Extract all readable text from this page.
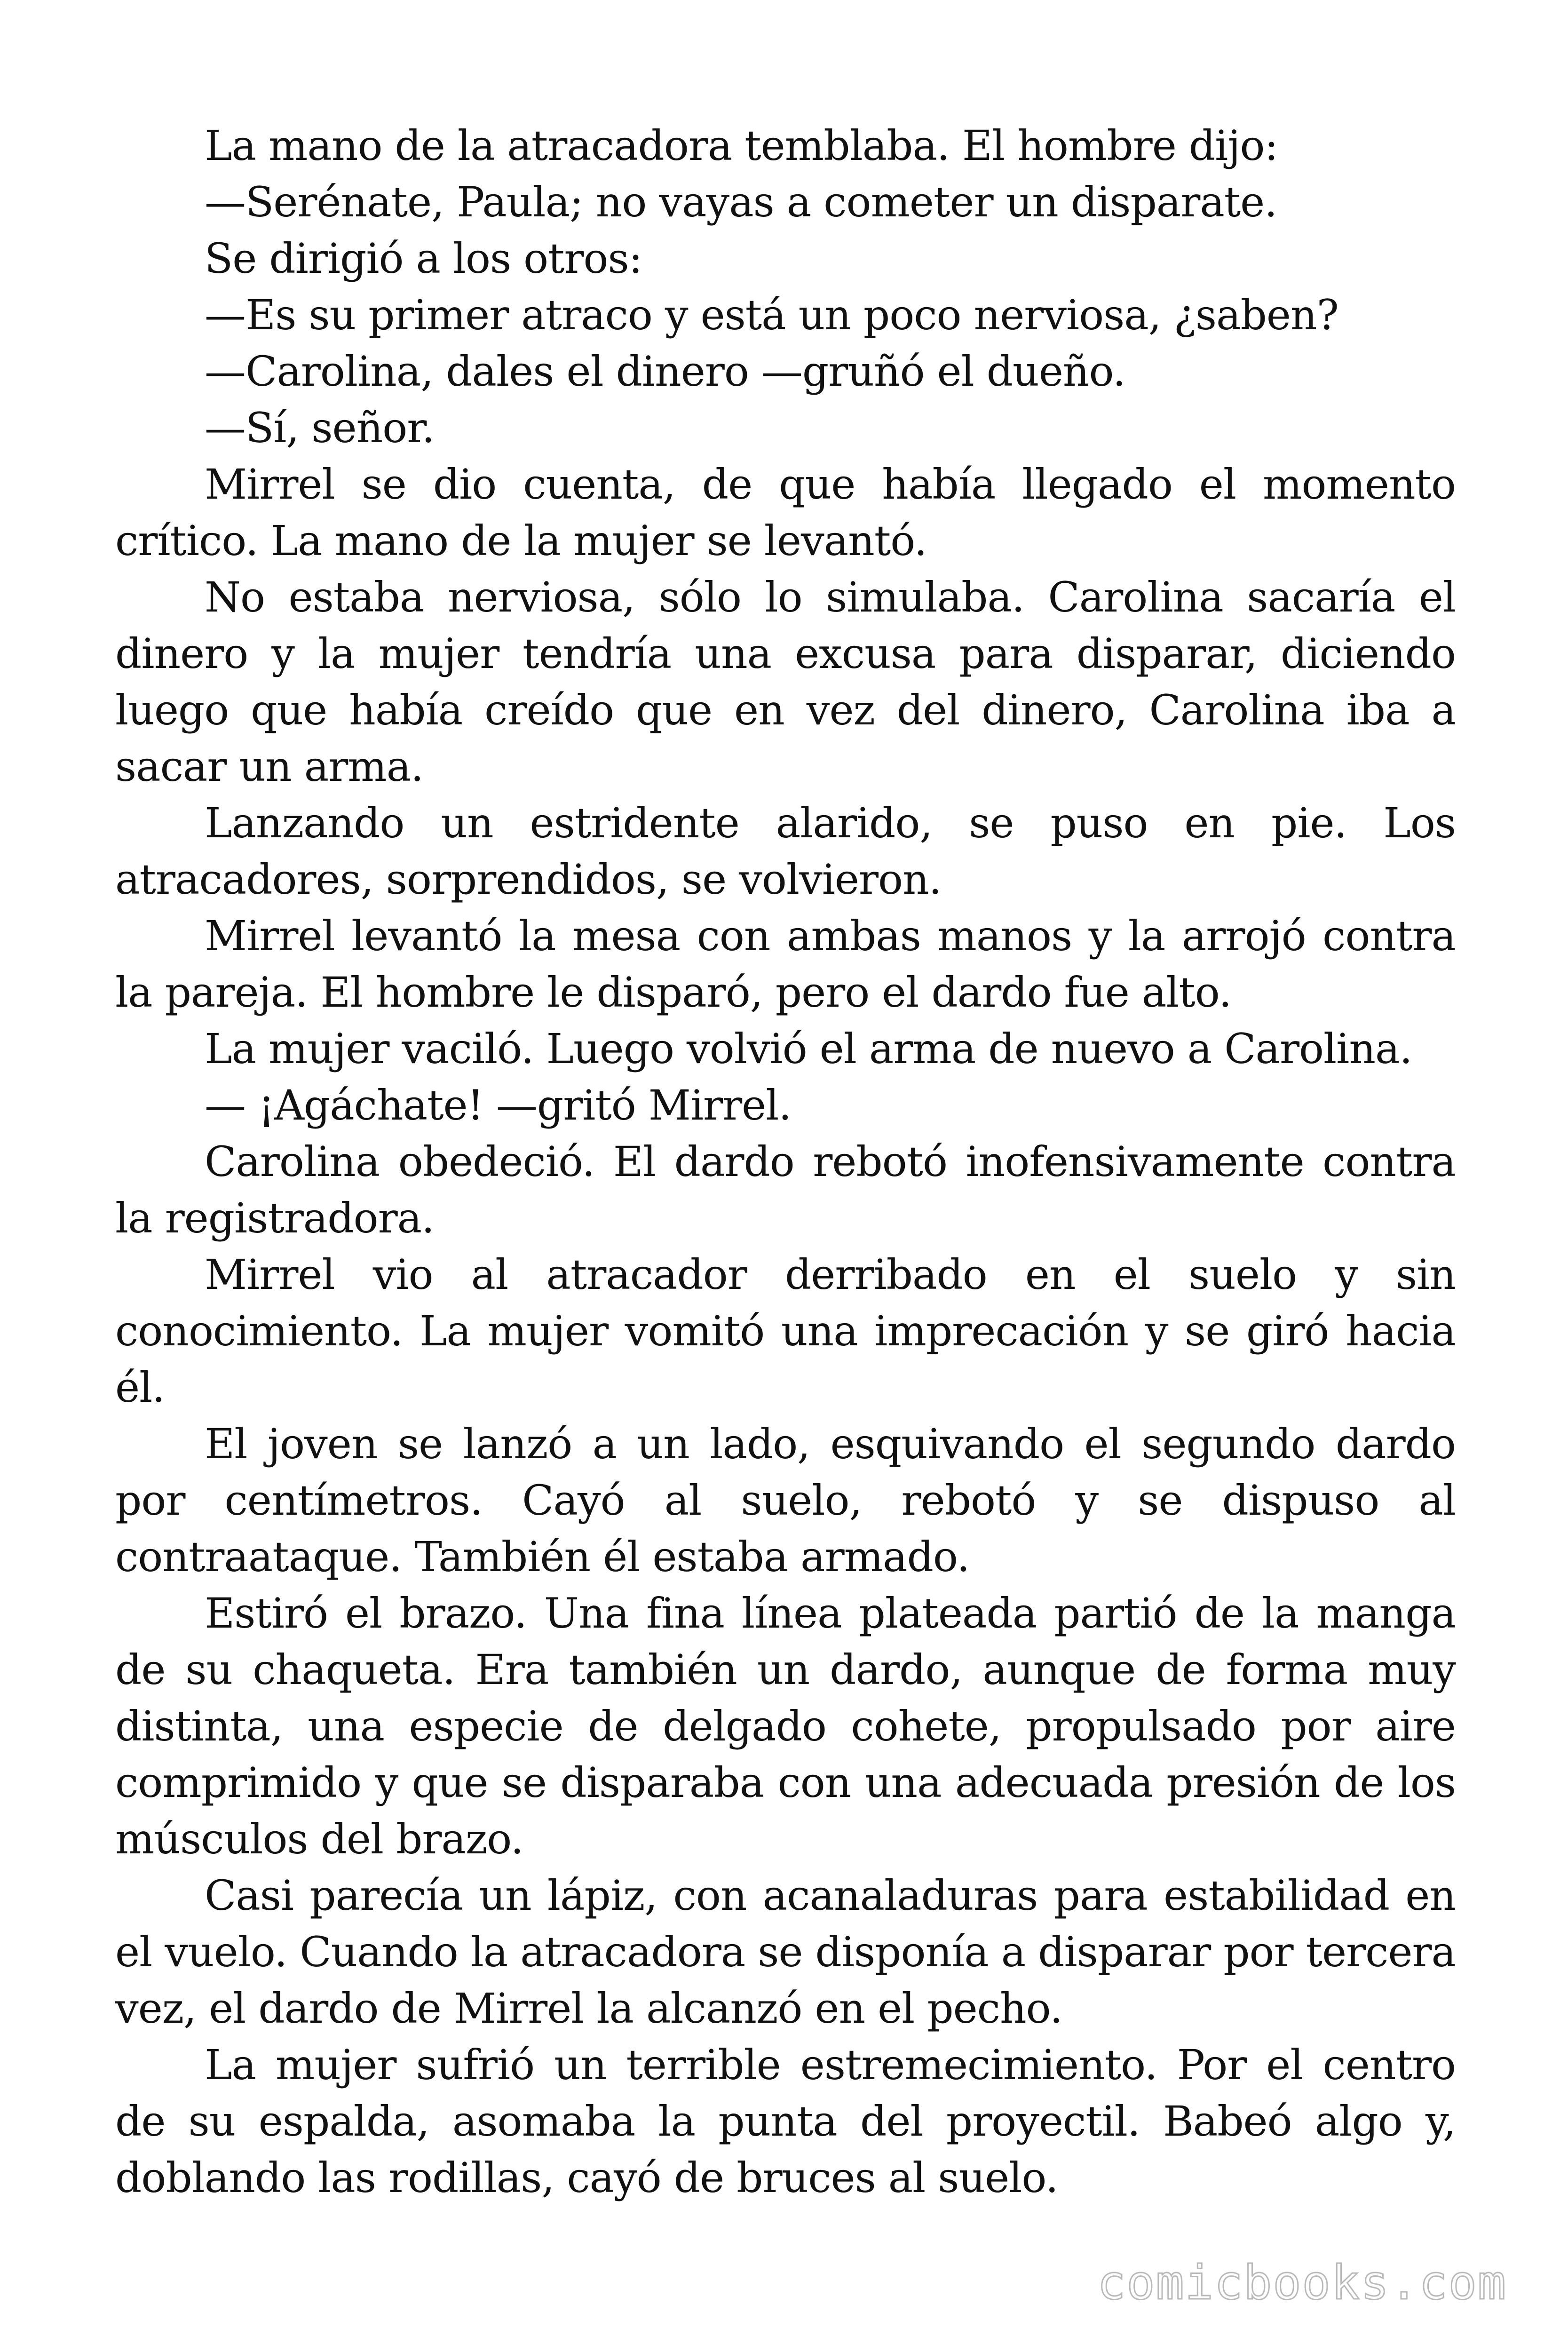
La mano de la atracadora temblaba. El hombre dijo:

—Serénate, Paula; no vayas a cometer un disparate.

Se dirigió a los otros:

—Es su primer atraco y está un poco nerviosa, ¿saben?

—Carolina, dales el dinero —gruñó el dueño.

—Sí, señor.

Mirrel se dio cuenta, de que había llegado el momento crítico. La mano de la mujer se levantó.

No estaba nerviosa, sólo lo simulaba. Carolina sacaría el dinero y la mujer tendría una excusa para disparar, diciendo luego que había creído que en vez del dinero, Carolina iba a sacar un arma.

Lanzando un estridente alarido, se puso en pie. Los atracadores, sorprendidos, se volvieron.

Mirrel levantó la mesa con ambas manos y la arrojó contra la pareja. El hombre le disparó, pero el dardo fue alto.

La mujer vaciló. Luego volvió el arma de nuevo a Carolina.

— ¡Agáchate! —gritó Mirrel.

Carolina obedeció. El dardo rebotó inofensivamente contra la registradora.

Mirrel vio al atracador derribado en el suelo y sin conocimiento. La mujer vomitó una imprecación y se giró hacia él.

El joven se lanzó a un lado, esquivando el segundo dardo por centímetros. Cayó al suelo, rebotó y se dispuso al contraataque. También él estaba armado.

Estiró el brazo. Una fina línea plateada partió de la manga de su chaqueta. Era también un dardo, aunque de forma muy distinta, una especie de delgado cohete, propulsado por aire comprimido y que se disparaba con una adecuada presión de los músculos del brazo.

Casi parecía un lápiz, con acanaladuras para estabilidad en el vuelo. Cuando la atracadora se disponía a disparar por tercera vez, el dardo de Mirrel la alcanzó en el pecho.

La mujer sufrió un terrible estremecimiento. Por el centro de su espalda, asomaba la punta del proyectil. Babeó algo y, doblando las rodillas, cayó de bruces al suelo.

comicbooks.com
